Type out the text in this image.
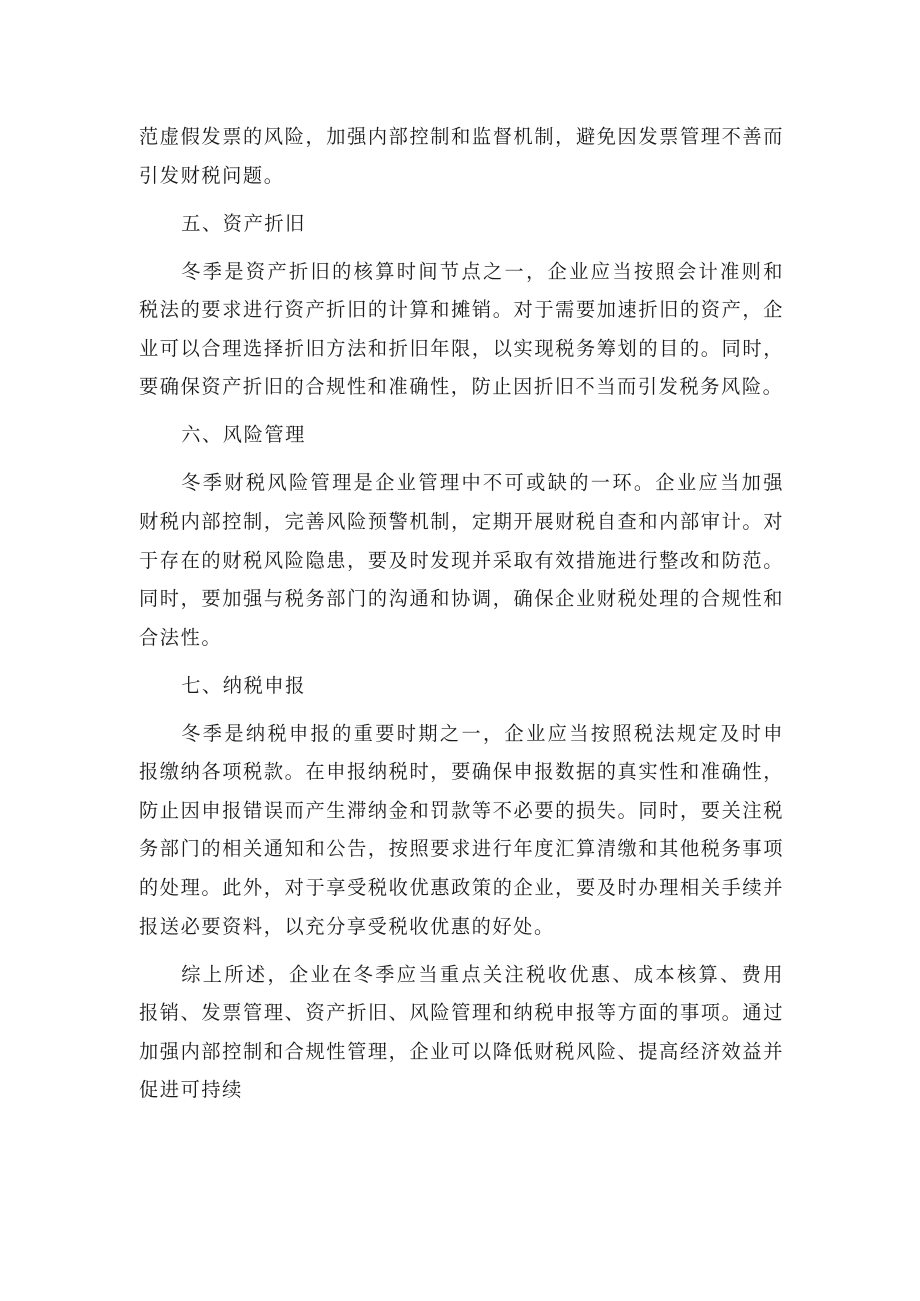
范虚假发票的风险，加强内部控制和监督机制，避免因发票管理不善而引发财税问题。

五、资产折旧

冬季是资产折旧的核算时间节点之一，企业应当按照会计准则和税法的要求进行资产折旧的计算和摊销。对于需要加速折旧的资产，企业可以合理选择折旧方法和折旧年限，以实现税务筹划的目的。同时，要确保资产折旧的合规性和准确性，防止因折旧不当而引发税务风险。

六、风险管理

冬季财税风险管理是企业管理中不可或缺的一环。企业应当加强财税内部控制，完善风险预警机制，定期开展财税自查和内部审计。对于存在的财税风险隐患，要及时发现并采取有效措施进行整改和防范。同时，要加强与税务部门的沟通和协调，确保企业财税处理的合规性和合法性。

七、纳税申报

冬季是纳税申报的重要时期之一，企业应当按照税法规定及时申报缴纳各项税款。在申报纳税时，要确保申报数据的真实性和准确性，防止因申报错误而产生滞纳金和罚款等不必要的损失。同时，要关注税务部门的相关通知和公告，按照要求进行年度汇算清缴和其他税务事项的处理。此外，对于享受税收优惠政策的企业，要及时办理相关手续并报送必要资料，以充分享受税收优惠的好处。

综上所述，企业在冬季应当重点关注税收优惠、成本核算、费用报销、发票管理、资产折旧、风险管理和纳税申报等方面的事项。通过加强内部控制和合规性管理，企业可以降低财税风险、提高经济效益并促进可持续
